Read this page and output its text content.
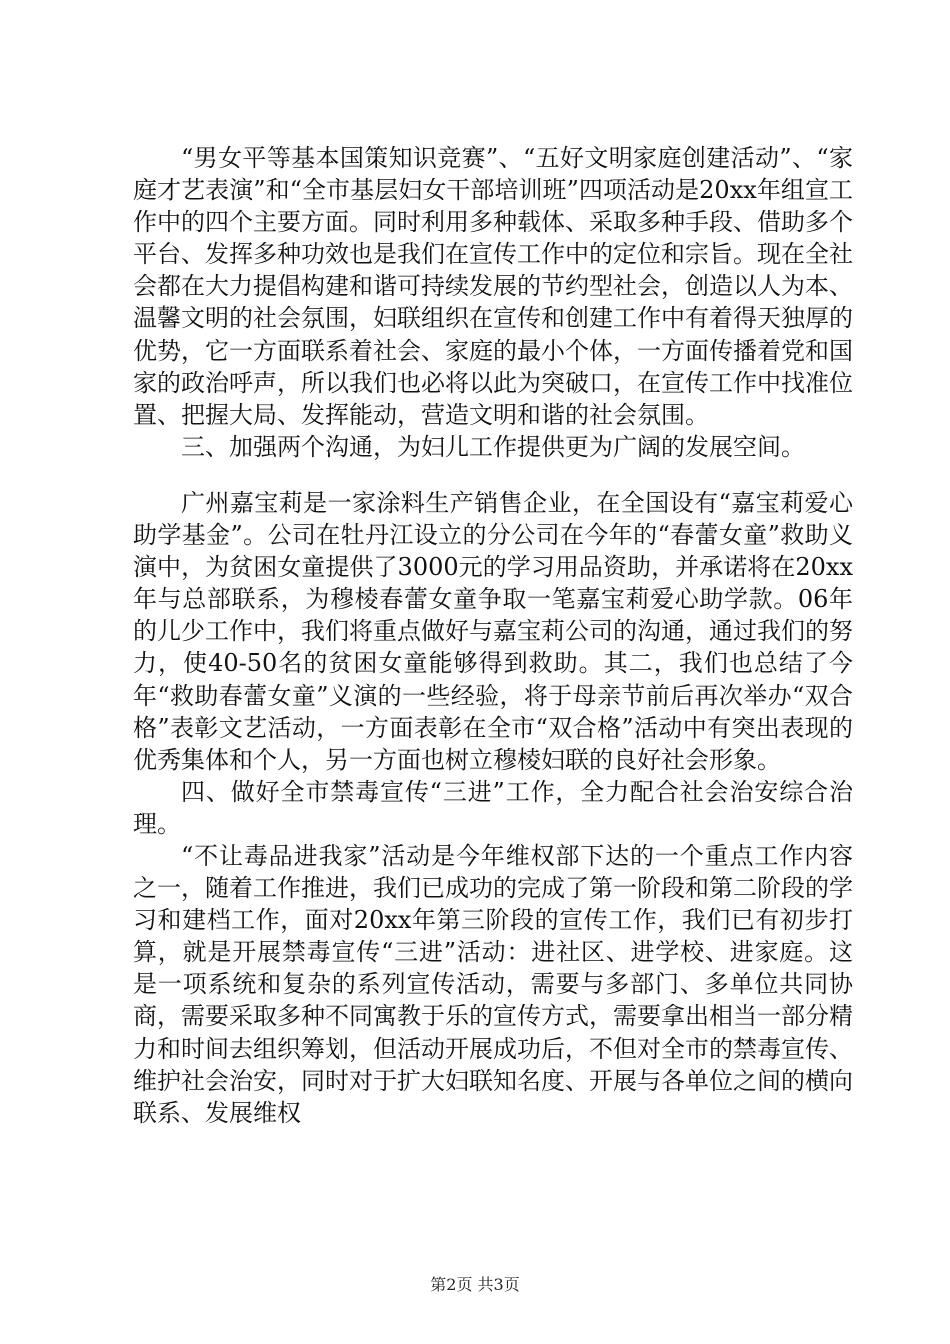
“男女平等基本国策知识竞赛”、“五好文明家庭创建活动”、“家庭才艺表演”和“全市基层妇女干部培训班”四项活动是20xx年组宣工作中的四个主要方面。同时利用多种载体、采取多种手段、借助多个平台、发挥多种功效也是我们在宣传工作中的定位和宗旨。现在全社会都在大力提倡构建和谐可持续发展的节约型社会，创造以人为本、温馨文明的社会氛围，妇联组织在宣传和创建工作中有着得天独厚的优势，它一方面联系着社会、家庭的最小个体，一方面传播着党和国家的政治呼声，所以我们也必将以此为突破口，在宣传工作中找准位置、把握大局、发挥能动，营造文明和谐的社会氛围。

三、加强两个沟通，为妇儿工作提供更为广阔的发展空间。

广州嘉宝莉是一家涂料生产销售企业，在全国设有“嘉宝莉爱心助学基金”。公司在牡丹江设立的分公司在今年的“春蕾女童”救助义演中，为贫困女童提供了3000元的学习用品资助，并承诺将在20xx年与总部联系，为穆棱春蕾女童争取一笔嘉宝莉爱心助学款。06年的儿少工作中，我们将重点做好与嘉宝莉公司的沟通，通过我们的努力，使40-50名的贫困女童能够得到救助。其二，我们也总结了今年“救助春蕾女童”义演的一些经验，将于母亲节前后再次举办“双合格”表彰文艺活动，一方面表彰在全市“双合格”活动中有突出表现的优秀集体和个人，另一方面也树立穆棱妇联的良好社会形象。

四、做好全市禁毒宣传“三进”工作，全力配合社会治安综合治理。

“不让毒品进我家”活动是今年维权部下达的一个重点工作内容之一，随着工作推进，我们已成功的完成了第一阶段和第二阶段的学习和建档工作，面对20xx年第三阶段的宣传工作，我们已有初步打算，就是开展禁毒宣传“三进”活动：进社区、进学校、进家庭。这是一项系统和复杂的系列宣传活动，需要与多部门、多单位共同协商，需要采取多种不同寓教于乐的宣传方式，需要拿出相当一部分精力和时间去组织筹划，但活动开展成功后，不但对全市的禁毒宣传、维护社会治安，同时对于扩大妇联知名度、开展与各单位之间的横向联系、发展维权

第2页 共3页
